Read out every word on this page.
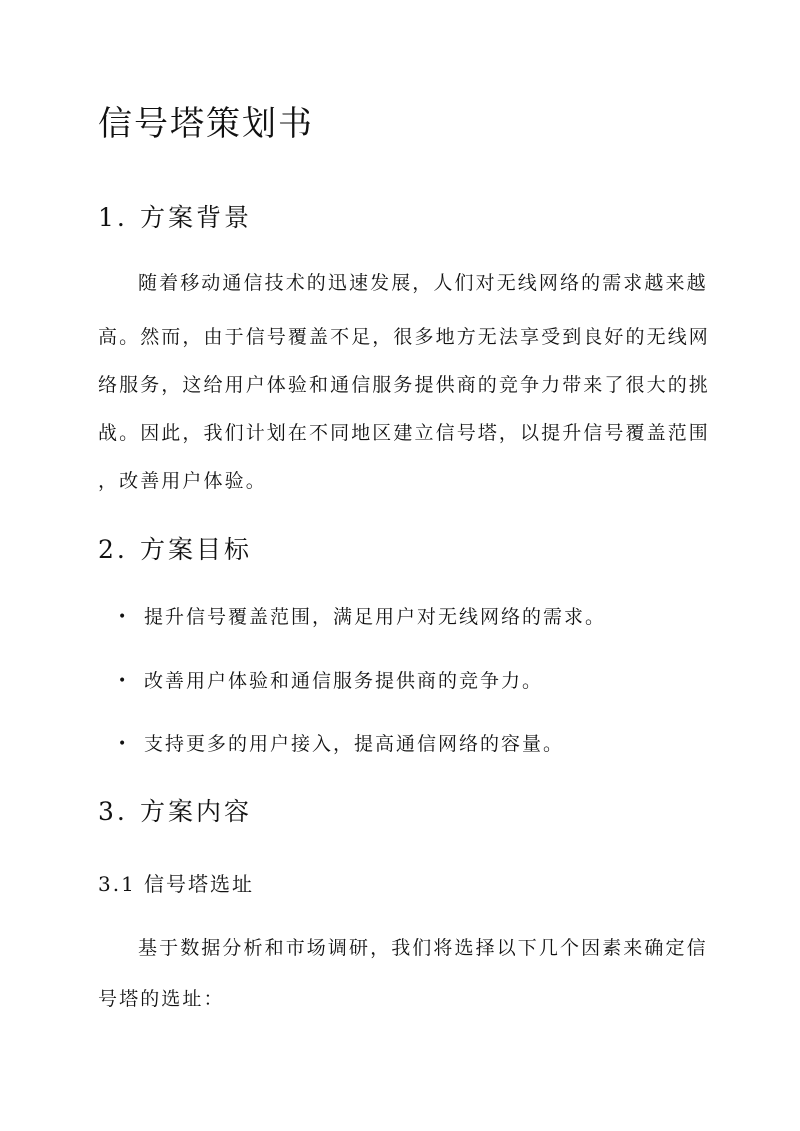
信号塔策划书
1. 方案背景
随着移动通信技术的迅速发展，人们对无线网络的需求越来越
高。然而，由于信号覆盖不足，很多地方无法享受到良好的无线网
络服务，这给用户体验和通信服务提供商的竞争力带来了很大的挑
战。因此，我们计划在不同地区建立信号塔，以提升信号覆盖范围
，改善用户体验。
2. 方案目标
• 提升信号覆盖范围，满足用户对无线网络的需求。
• 改善用户体验和通信服务提供商的竞争力。
• 支持更多的用户接入，提高通信网络的容量。
3. 方案内容
3.1 信号塔选址
基于数据分析和市场调研，我们将选择以下几个因素来确定信
号塔的选址：
